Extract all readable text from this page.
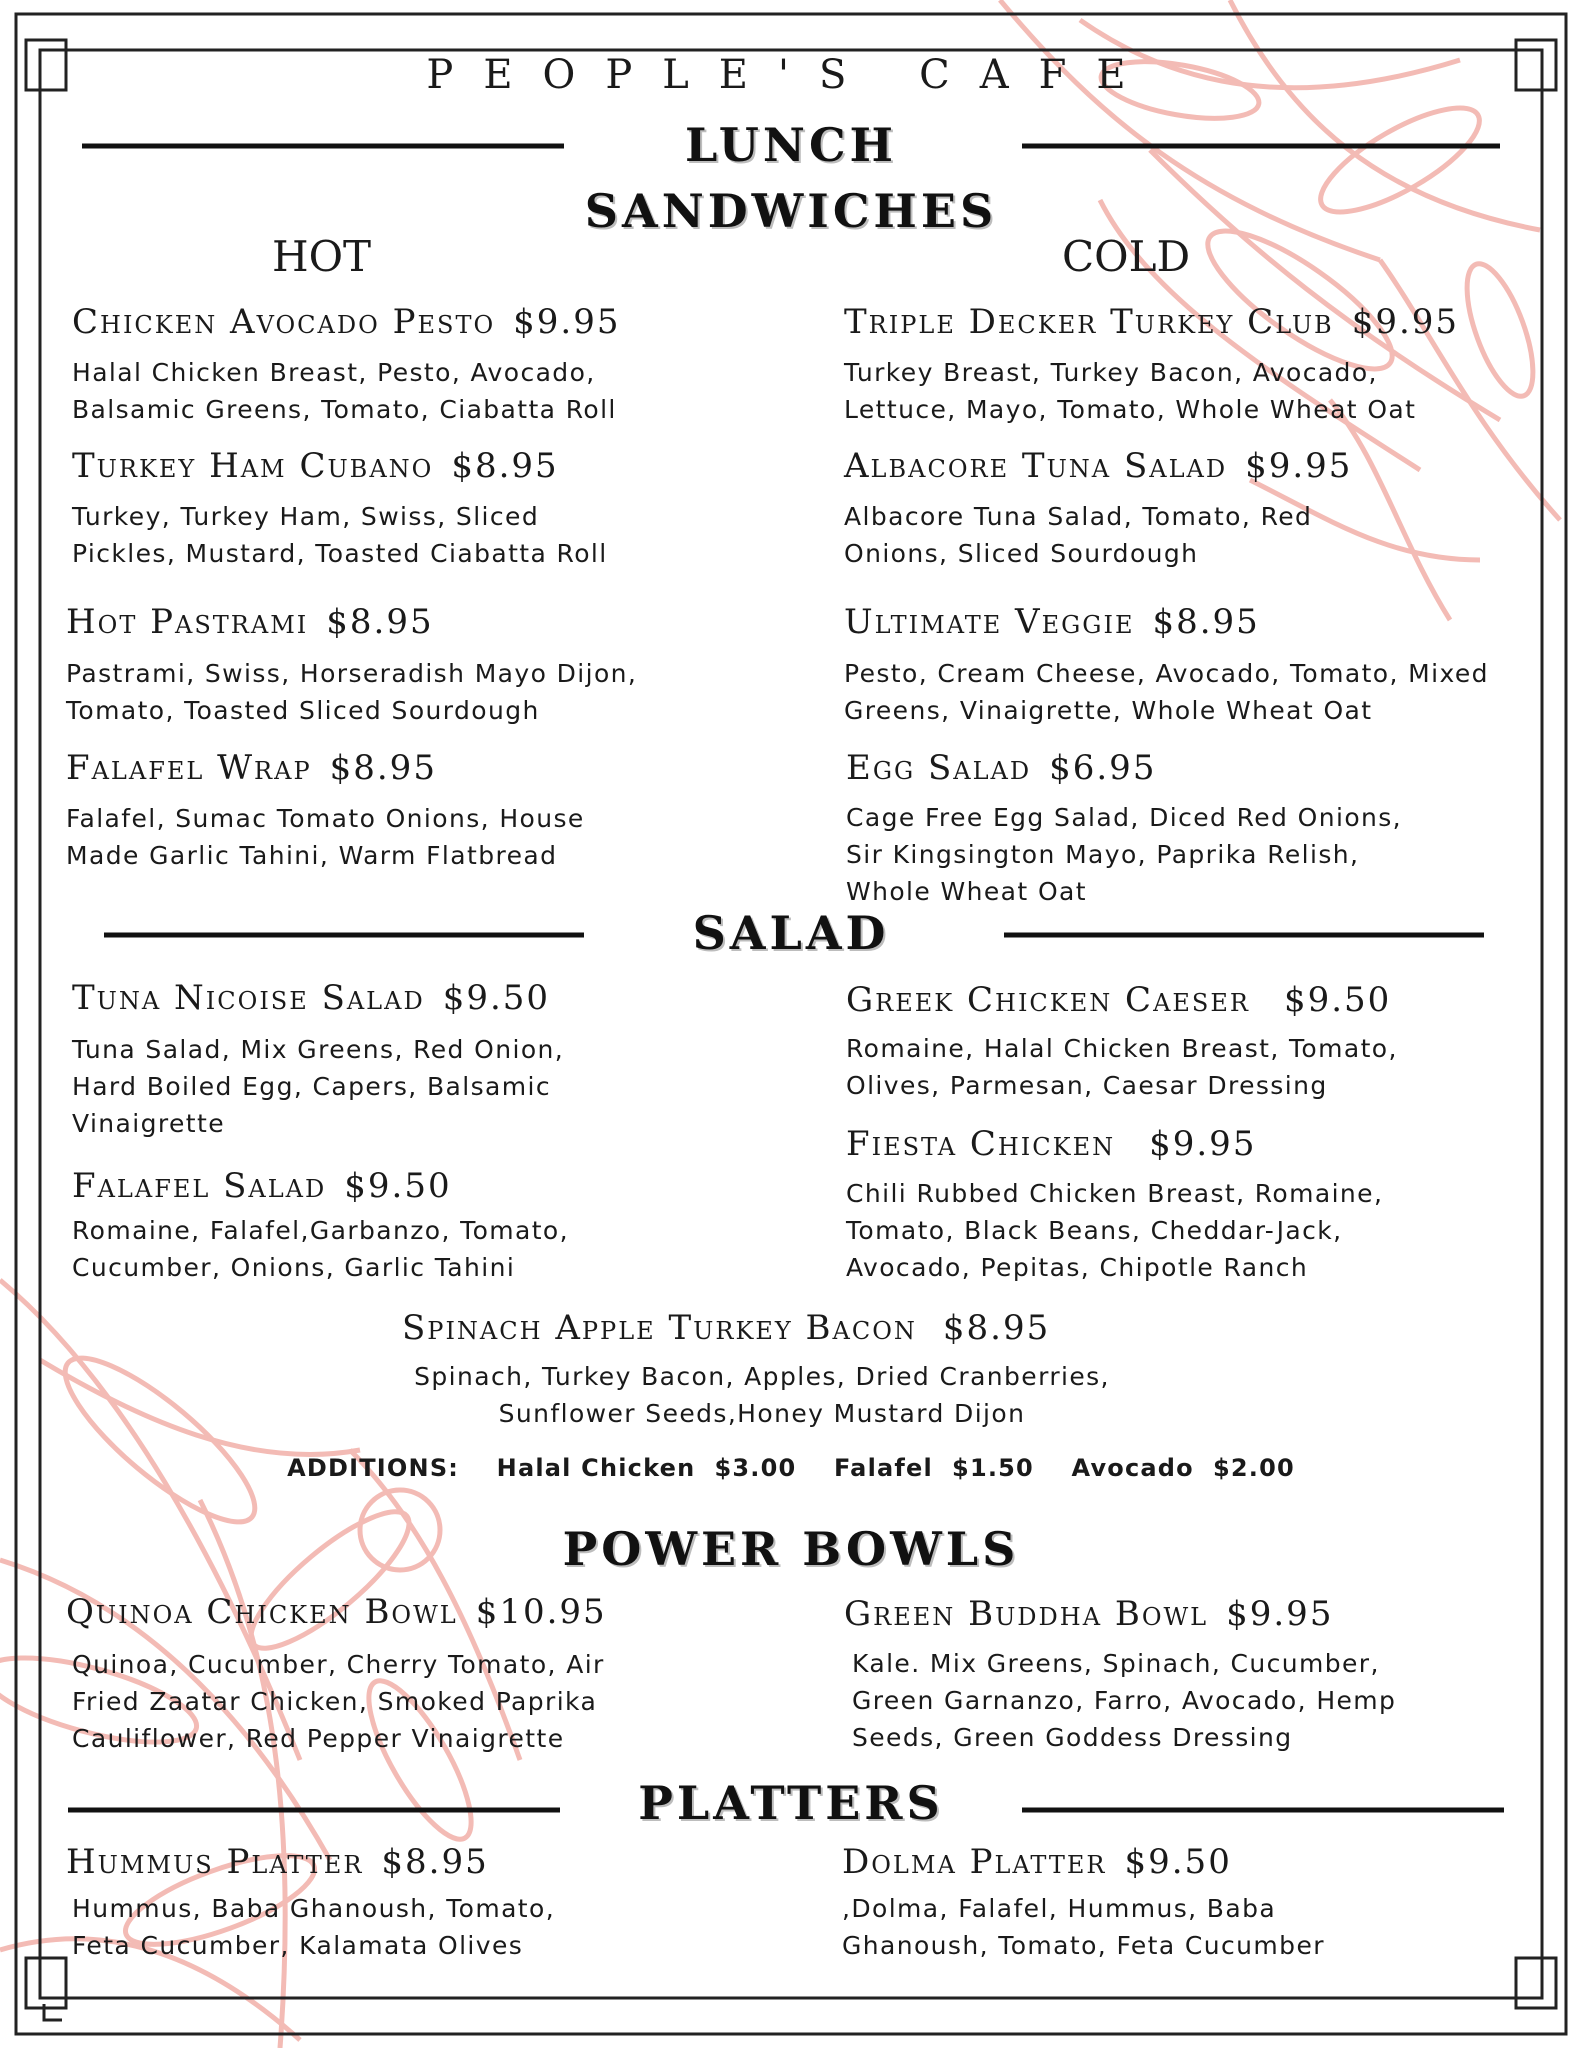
PEOPLE'S CAFE
LUNCH
SANDWICHES
HOT	COLD
Chicken Avocado Pesto $9.95
Halal Chicken Breast, Pesto, Avocado, Balsamic Greens, Tomato, Ciabatta Roll
Turkey Ham Cubano $8.95
Turkey, Turkey Ham, Swiss, Sliced Pickles, Mustard, Toasted Ciabatta Roll
Hot Pastrami $8.95
Pastrami, Swiss, Horseradish Mayo Dijon, Tomato, Toasted Sliced Sourdough
Falafel Wrap $8.95
Falafel, Sumac Tomato Onions, House Made Garlic Tahini, Warm Flatbread
Triple Decker Turkey Club $9.95
Turkey Breast, Turkey Bacon, Avocado, Lettuce, Mayo, Tomato, Whole Wheat Oat
Albacore Tuna Salad $9.95
Albacore Tuna Salad, Tomato, Red Onions, Sliced Sourdough
Ultimate Veggie $8.95
Pesto, Cream Cheese, Avocado, Tomato, Mixed Greens, Vinaigrette, Whole Wheat Oat
Egg Salad $6.95
Cage Free Egg Salad, Diced Red Onions, Sir Kingsington Mayo, Paprika Relish, Whole Wheat Oat
SALAD
Tuna Nicoise Salad $9.50
Tuna Salad, Mix Greens, Red Onion, Hard Boiled Egg, Capers, Balsamic Vinaigrette
Falafel Salad $9.50
Romaine, Falafel,Garbanzo, Tomato, Cucumber, Onions, Garlic Tahini
Greek Chicken Caeser $9.50
Romaine, Halal Chicken Breast, Tomato, Olives, Parmesan, Caesar Dressing
Fiesta Chicken $9.95
Chili Rubbed Chicken Breast, Romaine, Tomato, Black Beans, Cheddar-Jack, Avocado, Pepitas, Chipotle Ranch
Spinach Apple Turkey Bacon $8.95
Spinach, Turkey Bacon, Apples, Dried Cranberries,
Sunflower Seeds,Honey Mustard Dijon
ADDITIONS: Halal Chicken  $3.00 Falafel  $1.50 Avocado  $2.00
POWER BOWLS
Quinoa Chicken Bowl $10.95
Quinoa, Cucumber, Cherry Tomato, Air Fried Zaatar Chicken, Smoked Paprika Cauliflower, Red Pepper Vinaigrette
Green Buddha Bowl $9.95
Kale. Mix Greens, Spinach, Cucumber, Green Garnanzo, Farro, Avocado, Hemp Seeds, Green Goddess Dressing
PLATTERS
Hummus Platter $8.95
Hummus, Baba Ghanoush, Tomato, Feta Cucumber, Kalamata Olives
Dolma Platter $9.50
,Dolma, Falafel, Hummus, Baba Ghanoush, Tomato, Feta Cucumber
